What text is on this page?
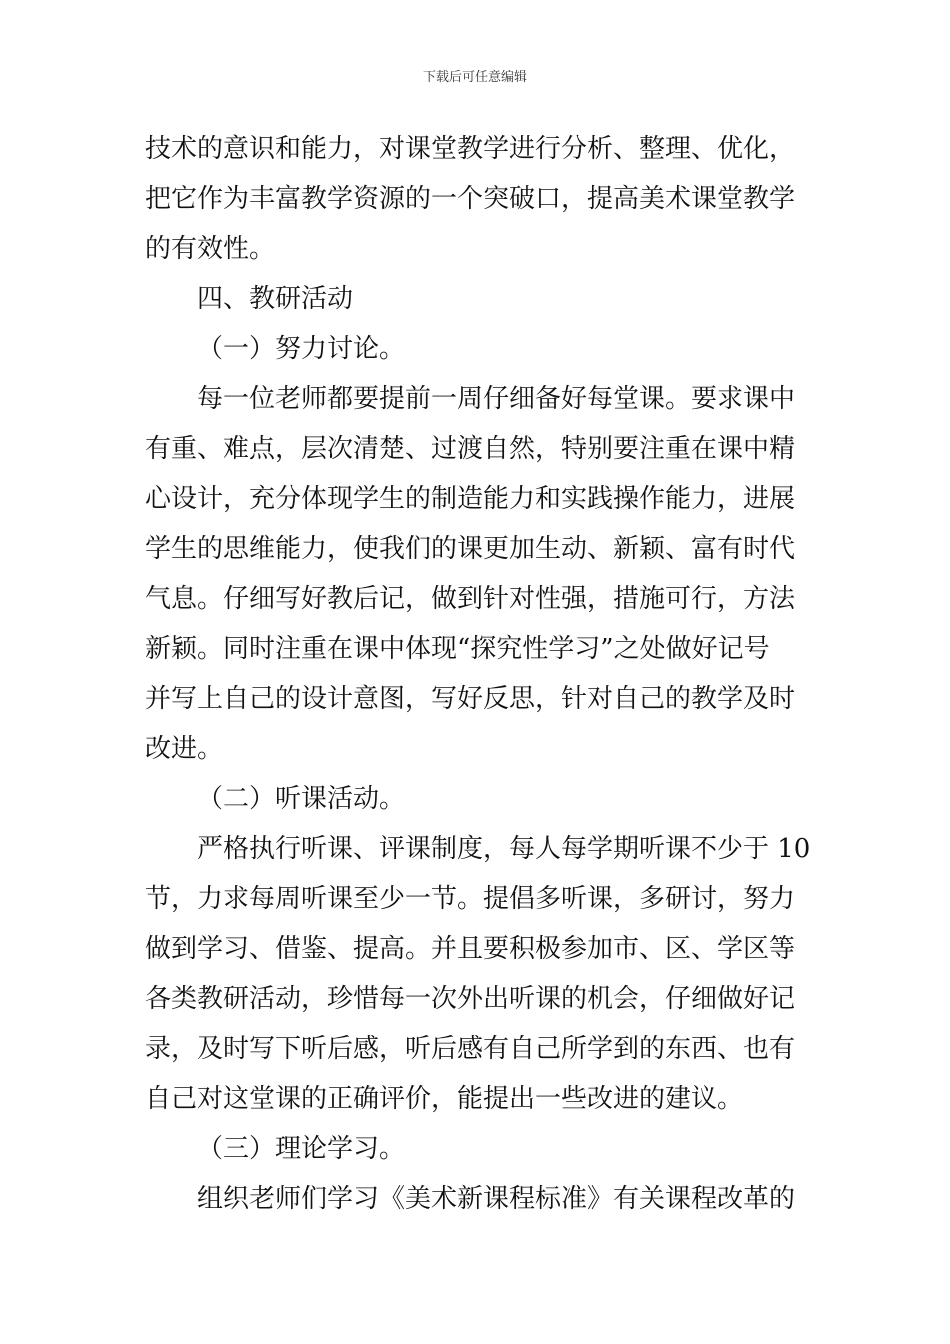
下载后可任意编辑
技术的意识和能力，对课堂教学进行分析、整理、优化，
把它作为丰富教学资源的一个突破口，提高美术课堂教学
的有效性。
四、教研活动
（一）努力讨论。
每一位老师都要提前一周仔细备好每堂课。要求课中
有重、难点，层次清楚、过渡自然，特别要注重在课中精
心设计，充分体现学生的制造能力和实践操作能力，进展
学生的思维能力，使我们的课更加生动、新颖、富有时代
气息。仔细写好教后记，做到针对性强，措施可行，方法
新颖。同时注重在课中体现“探究性学习”之处做好记号
并写上自己的设计意图，写好反思，针对自己的教学及时
改进。
（二）听课活动。
严格执行听课、评课制度，每人每学期听课不少于 10
节，力求每周听课至少一节。提倡多听课，多研讨，努力
做到学习、借鉴、提高。并且要积极参加市、区、学区等
各类教研活动，珍惜每一次外出听课的机会，仔细做好记
录，及时写下听后感，听后感有自己所学到的东西、也有
自己对这堂课的正确评价，能提出一些改进的建议。
（三）理论学习。
组织老师们学习《美术新课程标准》有关课程改革的
